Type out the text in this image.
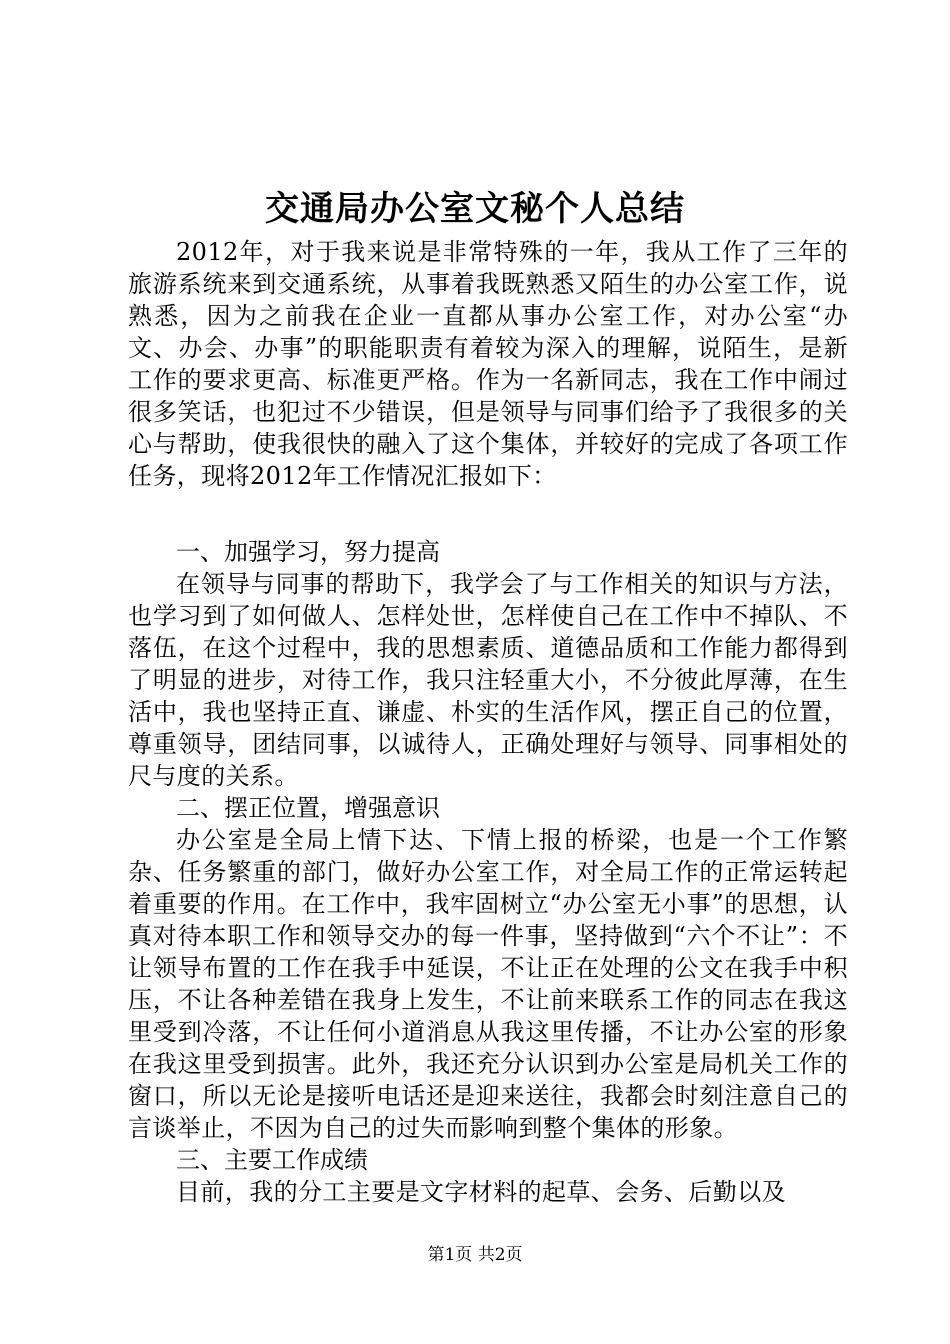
交通局办公室文秘个人总结

2012年，对于我来说是非常特殊的一年，我从工作了三年的旅游系统来到交通系统，从事着我既熟悉又陌生的办公室工作，说熟悉，因为之前我在企业一直都从事办公室工作，对办公室“办文、办会、办事”的职能职责有着较为深入的理解，说陌生，是新工作的要求更高、标准更严格。作为一名新同志，我在工作中闹过很多笑话，也犯过不少错误，但是领导与同事们给予了我很多的关心与帮助，使我很快的融入了这个集体，并较好的完成了各项工作任务，现将2012年工作情况汇报如下：

一、加强学习，努力提高

在领导与同事的帮助下，我学会了与工作相关的知识与方法，也学习到了如何做人、怎样处世，怎样使自己在工作中不掉队、不落伍，在这个过程中，我的思想素质、道德品质和工作能力都得到了明显的进步，对待工作，我只注轻重大小，不分彼此厚薄，在生活中，我也坚持正直、谦虚、朴实的生活作风，摆正自己的位置，尊重领导，团结同事，以诚待人，正确处理好与领导、同事相处的尺与度的关系。

二、摆正位置，增强意识

办公室是全局上情下达、下情上报的桥梁，也是一个工作繁杂、任务繁重的部门，做好办公室工作，对全局工作的正常运转起着重要的作用。在工作中，我牢固树立“办公室无小事”的思想，认真对待本职工作和领导交办的每一件事，坚持做到“六个不让”：不让领导布置的工作在我手中延误，不让正在处理的公文在我手中积压，不让各种差错在我身上发生，不让前来联系工作的同志在我这里受到冷落，不让任何小道消息从我这里传播，不让办公室的形象在我这里受到损害。此外，我还充分认识到办公室是局机关工作的窗口，所以无论是接听电话还是迎来送往，我都会时刻注意自己的言谈举止，不因为自己的过失而影响到整个集体的形象。

三、主要工作成绩

目前，我的分工主要是文字材料的起草、会务、后勤以及

第1页 共2页
